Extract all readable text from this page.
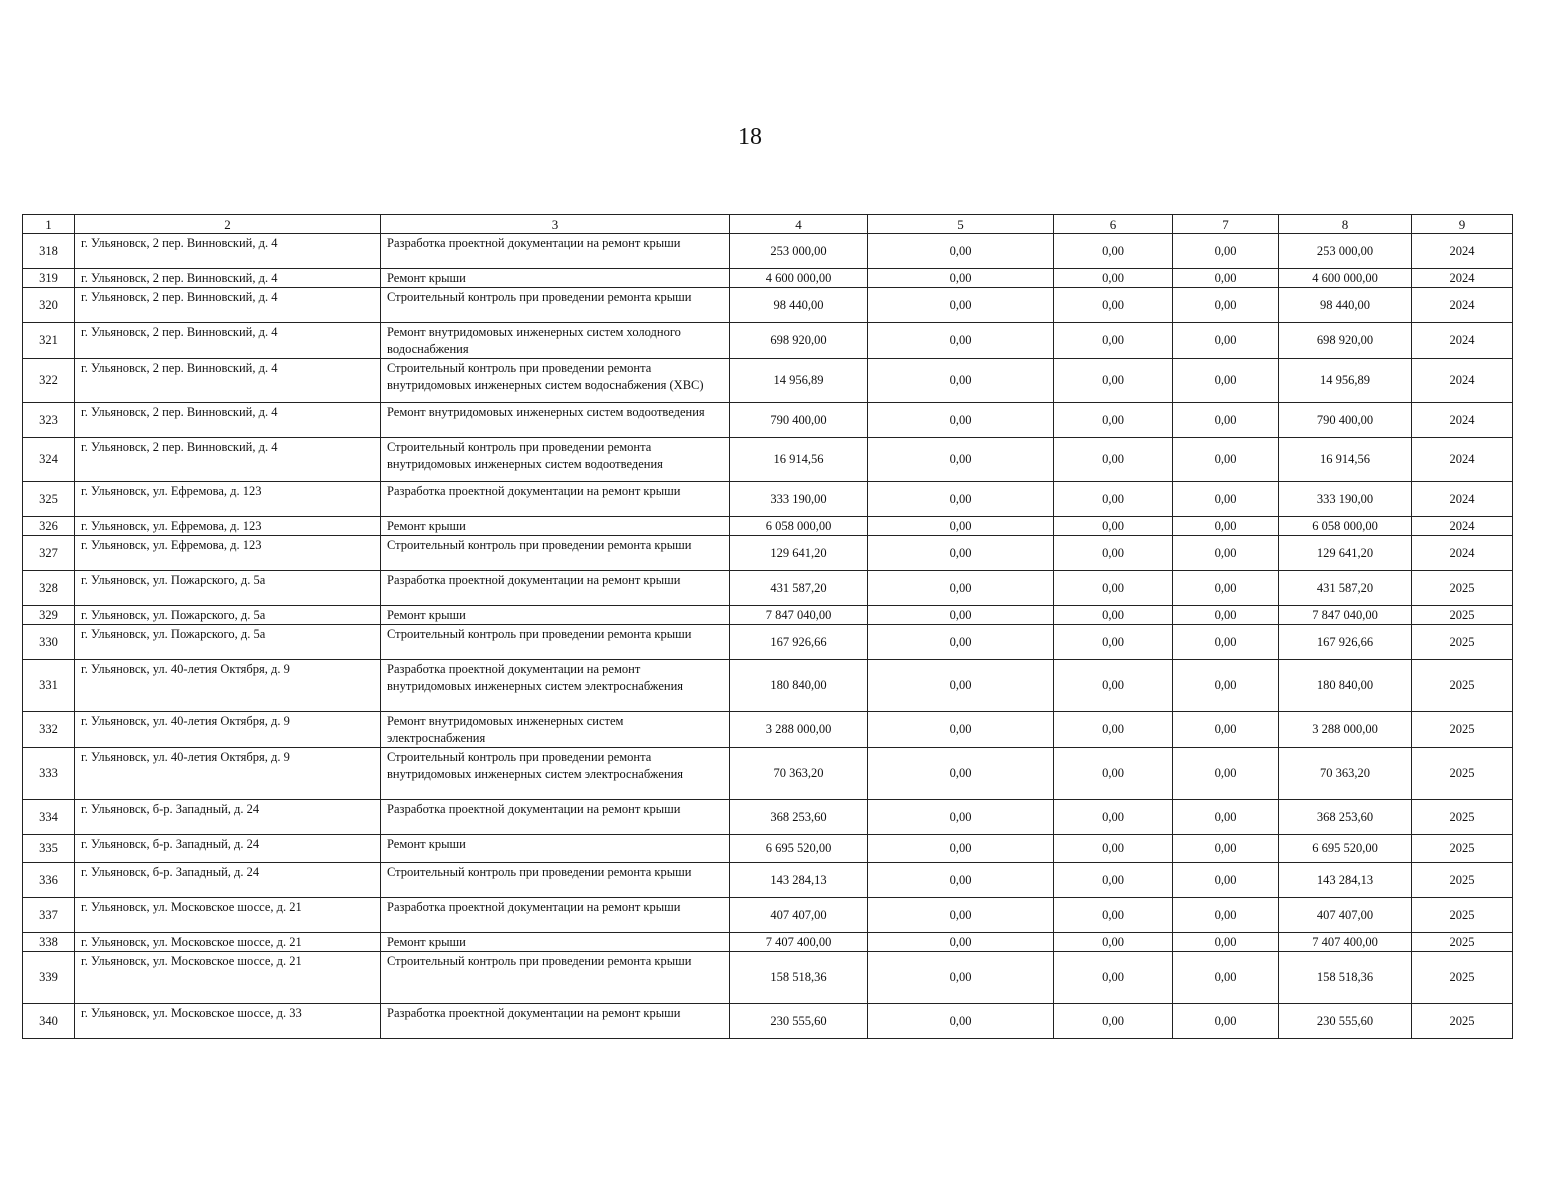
18
1	2	3	4	5	6	7	8	9
318	г. Ульяновск, 2 пер. Винновский, д. 4	Разработка проектной документации на ремонт крыши	253 000,00	0,00	0,00	0,00	253 000,00	2024
319	г. Ульяновск, 2 пер. Винновский, д. 4	Ремонт крыши	4 600 000,00	0,00	0,00	0,00	4 600 000,00	2024
320	г. Ульяновск, 2 пер. Винновский, д. 4	Строительный контроль при проведении ремонта крыши	98 440,00	0,00	0,00	0,00	98 440,00	2024
321	г. Ульяновск, 2 пер. Винновский, д. 4	Ремонт внутридомовых инженерных систем холодного водоснабжения	698 920,00	0,00	0,00	0,00	698 920,00	2024
322	г. Ульяновск, 2 пер. Винновский, д. 4	Строительный контроль при проведении ремонта внутридомовых инженерных систем водоснабжения (ХВС)	14 956,89	0,00	0,00	0,00	14 956,89	2024
323	г. Ульяновск, 2 пер. Винновский, д. 4	Ремонт внутридомовых инженерных систем водоотведения	790 400,00	0,00	0,00	0,00	790 400,00	2024
324	г. Ульяновск, 2 пер. Винновский, д. 4	Строительный контроль при проведении ремонта внутридомовых инженерных систем водоотведения	16 914,56	0,00	0,00	0,00	16 914,56	2024
325	г. Ульяновск, ул. Ефремова, д. 123	Разработка проектной документации на ремонт крыши	333 190,00	0,00	0,00	0,00	333 190,00	2024
326	г. Ульяновск, ул. Ефремова, д. 123	Ремонт крыши	6 058 000,00	0,00	0,00	0,00	6 058 000,00	2024
327	г. Ульяновск, ул. Ефремова, д. 123	Строительный контроль при проведении ремонта крыши	129 641,20	0,00	0,00	0,00	129 641,20	2024
328	г. Ульяновск, ул. Пожарского, д. 5а	Разработка проектной документации на ремонт крыши	431 587,20	0,00	0,00	0,00	431 587,20	2025
329	г. Ульяновск, ул. Пожарского, д. 5а	Ремонт крыши	7 847 040,00	0,00	0,00	0,00	7 847 040,00	2025
330	г. Ульяновск, ул. Пожарского, д. 5а	Строительный контроль при проведении ремонта крыши	167 926,66	0,00	0,00	0,00	167 926,66	2025
331	г. Ульяновск, ул. 40-летия Октября, д. 9	Разработка проектной документации на ремонт внутридомовых инженерных систем электроснабжения	180 840,00	0,00	0,00	0,00	180 840,00	2025
332	г. Ульяновск, ул. 40-летия Октября, д. 9	Ремонт внутридомовых инженерных систем электроснабжения	3 288 000,00	0,00	0,00	0,00	3 288 000,00	2025
333	г. Ульяновск, ул. 40-летия Октября, д. 9	Строительный контроль при проведении ремонта внутридомовых инженерных систем электроснабжения	70 363,20	0,00	0,00	0,00	70 363,20	2025
334	г. Ульяновск, б-р. Западный, д. 24	Разработка проектной документации на ремонт крыши	368 253,60	0,00	0,00	0,00	368 253,60	2025
335	г. Ульяновск, б-р. Западный, д. 24	Ремонт крыши	6 695 520,00	0,00	0,00	0,00	6 695 520,00	2025
336	г. Ульяновск, б-р. Западный, д. 24	Строительный контроль при проведении ремонта крыши	143 284,13	0,00	0,00	0,00	143 284,13	2025
337	г. Ульяновск, ул. Московское шоссе, д. 21	Разработка проектной документации на ремонт крыши	407 407,00	0,00	0,00	0,00	407 407,00	2025
338	г. Ульяновск, ул. Московское шоссе, д. 21	Ремонт крыши	7 407 400,00	0,00	0,00	0,00	7 407 400,00	2025
339	г. Ульяновск, ул. Московское шоссе, д. 21	Строительный контроль при проведении ремонта крыши	158 518,36	0,00	0,00	0,00	158 518,36	2025
340	г. Ульяновск, ул. Московское шоссе, д. 33	Разработка проектной документации на ремонт крыши	230 555,60	0,00	0,00	0,00	230 555,60	2025
